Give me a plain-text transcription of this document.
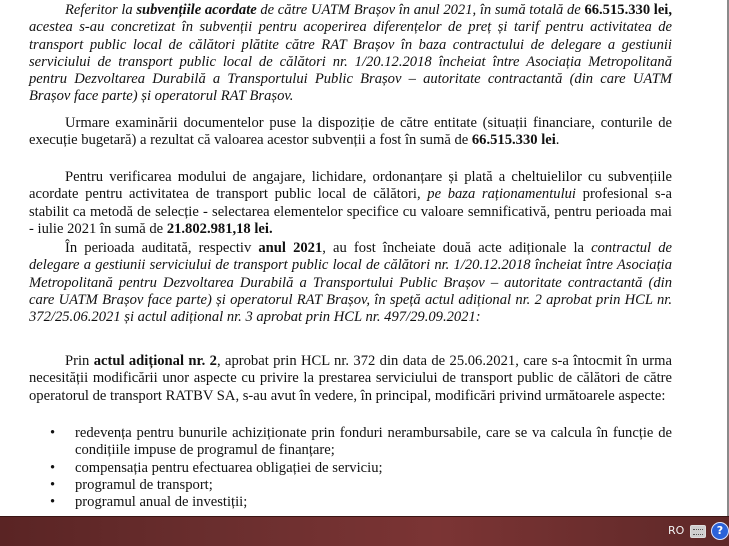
Referitor la subvențiile acordate de către UATM Brașov în anul 2021, în sumă totală de 66.515.330 lei, acestea s-au concretizat în subvenții pentru acoperirea diferențelor de preț și tarif pentru activitatea de transport public local de călători plătite către RAT Brașov în baza contractului de delegare a gestiunii serviciului de transport public local de călători nr. 1/20.12.2018 încheiat între Asociația Metropolitană pentru Dezvoltarea Durabilă a Transportului Public Brașov – autoritate contractantă (din care UATM Brașov face parte) și operatorul RAT Brașov.

Urmare examinării documentelor puse la dispoziție de către entitate (situații financiare, conturile de execuție bugetară) a rezultat că valoarea acestor subvenții a fost în sumă de 66.515.330 lei.

Pentru verificarea modului de angajare, lichidare, ordonanțare și plată a cheltuielilor cu subvențiile acordate pentru activitatea de transport public local de călători, pe baza raționamentului profesional s-a stabilit ca metodă de selecție - selectarea elementelor specifice cu valoare semnificativă, pentru perioada mai - iulie 2021 în sumă de 21.802.981,18 lei.

În perioada auditată, respectiv anul 2021, au fost încheiate două acte adiționale la contractul de delegare a gestiunii serviciului de transport public local de călători nr. 1/20.12.2018 încheiat între Asociația Metropolitană pentru Dezvoltarea Durabilă a Transportului Public Brașov – autoritate contractantă (din care UATM Brașov face parte) și operatorul RAT Brașov, în speță actul adițional nr. 2 aprobat prin HCL nr. 372/25.06.2021 și actul adițional nr. 3 aprobat prin HCL nr. 497/29.09.2021:

Prin actul adițional nr. 2, aprobat prin HCL nr. 372 din data de 25.06.2021, care s-a întocmit în urma necesității modificării unor aspecte cu privire la prestarea serviciului de transport public de călători de către operatorul de transport RATBV SA, s-au avut în vedere, în principal, modificări privind următoarele aspecte:

• redevența pentru bunurile achiziționate prin fonduri nerambursabile, care se va calcula în funcție de condițiile impuse de programul de finanțare;
• compensația pentru efectuarea obligației de serviciu;
• programul de transport;
• programul anual de investiții;
RO	?
